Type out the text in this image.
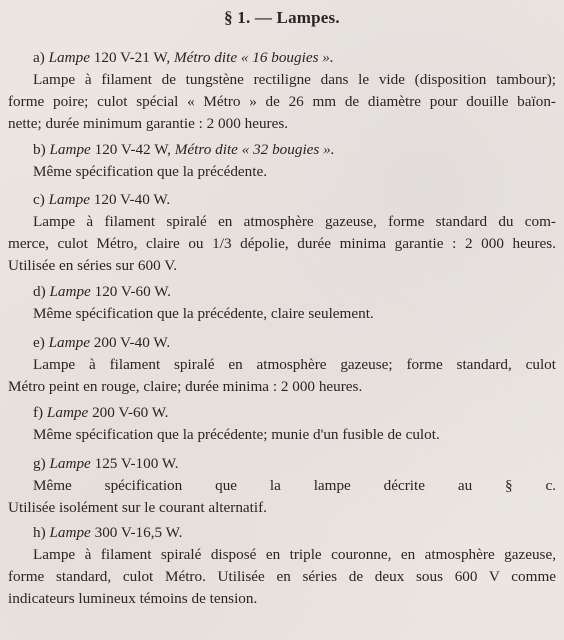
§ 1. — Lampes.
a) Lampe 120 V-21 W, Métro dite « 16 bougies ».
Lampe à filament de tungstène rectiligne dans le vide (disposition tambour);
forme poire; culot spécial « Métro » de 26 mm de diamètre pour douille baïon-
nette; durée minimum garantie : 2 000 heures.
b) Lampe 120 V-42 W, Métro dite « 32 bougies ».
Même spécification que la précédente.
c) Lampe 120 V-40 W.
Lampe à filament spiralé en atmosphère gazeuse, forme standard du com-
merce, culot Métro, claire ou 1/3 dépolie, durée minima garantie : 2 000 heures.
Utilisée en séries sur 600 V.
d) Lampe 120 V-60 W.
Même spécification que la précédente, claire seulement.
e) Lampe 200 V-40 W.
Lampe à filament spiralé en atmosphère gazeuse; forme standard, culot
Métro peint en rouge, claire; durée minima : 2 000 heures.
f) Lampe 200 V-60 W.
Même spécification que la précédente; munie d'un fusible de culot.
g) Lampe 125 V-100 W.
Même spécification que la lampe décrite au § c.
Utilisée isolément sur le courant alternatif.
h) Lampe 300 V-16,5 W.
Lampe à filament spiralé disposé en triple couronne, en atmosphère gazeuse,
forme standard, culot Métro. Utilisée en séries de deux sous 600 V comme
indicateurs lumineux témoins de tension.
